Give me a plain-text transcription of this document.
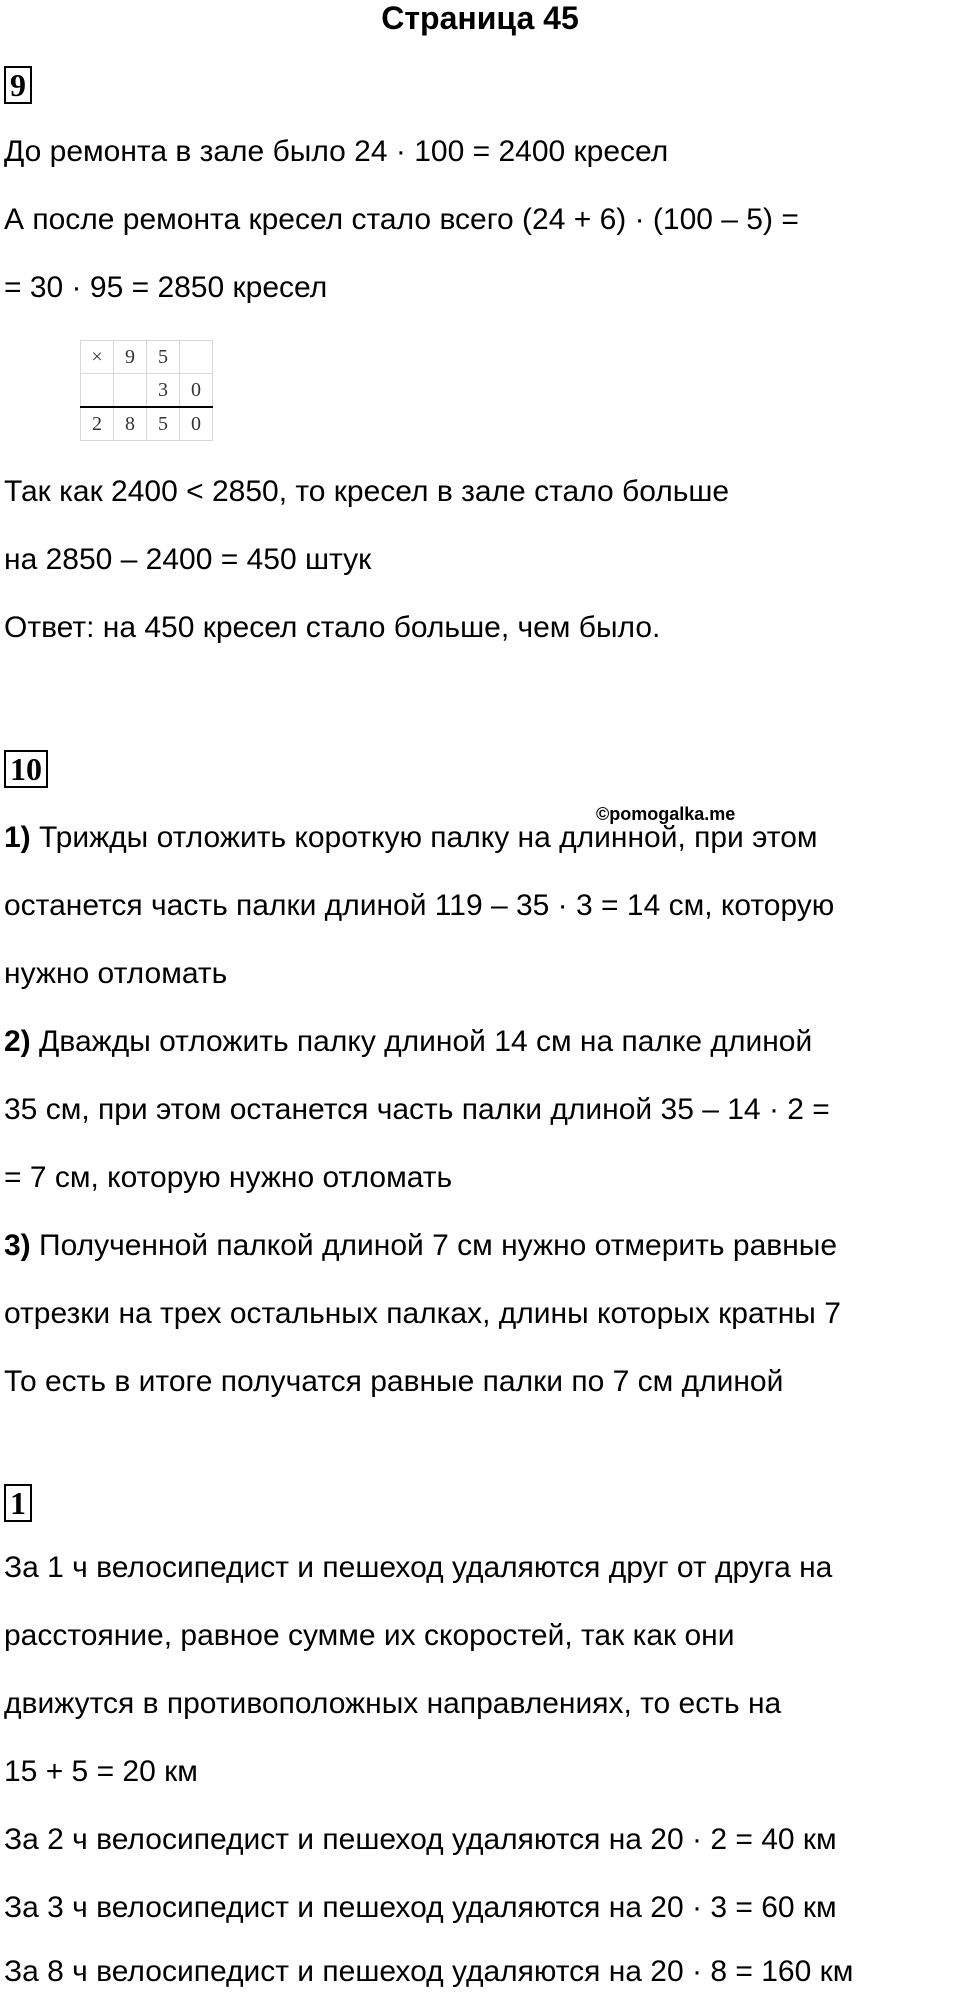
Страница 45
9
До ремонта в зале было 24 · 100 = 2400 кресел
А после ремонта кресел стало всего (24 + 6) · (100 – 5) =
= 30 · 95 = 2850 кресел
×	9	5	
		3	0
2	8	5	0
Так как 2400 < 2850, то кресел в зале стало больше
на 2850 – 2400 = 450 штук
Ответ: на 450 кресел стало больше, чем было.
10
©pomogalka.me
1) Трижды отложить короткую палку на длинной, при этом
останется часть палки длиной 119 – 35 · 3 = 14 см, которую
нужно отломать
2) Дважды отложить палку длиной 14 см на палке длиной
35 см, при этом останется часть палки длиной 35 – 14 · 2 =
= 7 см, которую нужно отломать
3) Полученной палкой длиной 7 см нужно отмерить равные
отрезки на трех остальных палках, длины которых кратны 7
То есть в итоге получатся равные палки по 7 см длиной
1
За 1 ч велосипедист и пешеход удаляются друг от друга на
расстояние, равное сумме их скоростей, так как они
движутся в противоположных направлениях, то есть на
15 + 5 = 20 км
За 2 ч велосипедист и пешеход удаляются на 20 · 2 = 40 км
За 3 ч велосипедист и пешеход удаляются на 20 · 3 = 60 км
За 8 ч велосипедист и пешеход удаляются на 20 · 8 = 160 км
